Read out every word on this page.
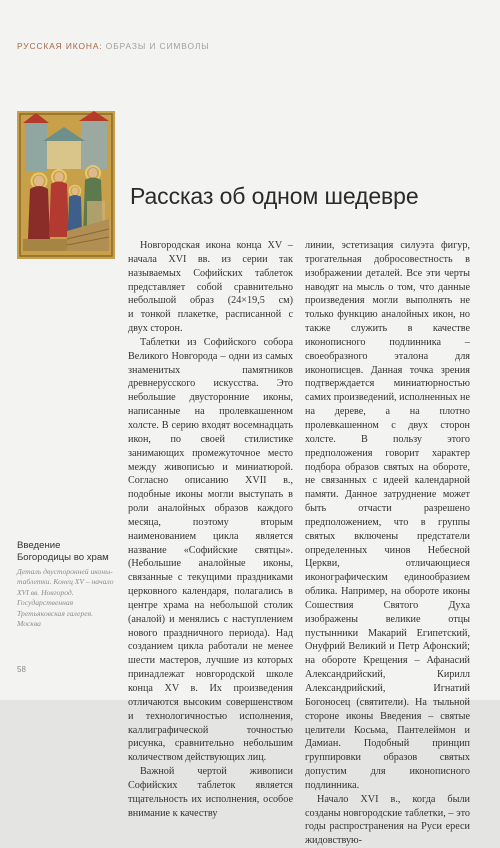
РУССКАЯ ИКОНА: ОБРАЗЫ И СИМВОЛЫ
Рассказ об одном шедевре

Новгородская икона конца XV – начала XVI вв. из серии так называемых Софийских таблеток представляет собой сравнительно небольшой образ (24×19,5 см) и тонкой плакетке, расписанной с двух сторон.

Таблетки из Софийского собора Великого Новгорода – одни из самых знаменитых памятников древнерусского искусства. Это небольшие двусторонние иконы, написанные на пролевкашенном холсте. В серию входят восемнадцать икон, по своей стилистике занимающих промежуточное место между живописью и миниатюрой. Согласно описанию XVII в., подобные иконы могли выступать в роли аналойных образов каждого месяца, поэтому вторым наименованием цикла является название «Софийские святцы». (Небольшие аналойные иконы, связанные с текущими праздниками церковного календаря, полагались в центре храма на небольшой столик (аналой) и менялись с наступлением нового праздничного периода). Над созданием цикла работали не менее шести мастеров, лучшие из которых принадлежат новгородской школе конца XV в. Их произведения отличаются высоким совершенством и технологичностью исполнения, каллиграфической точностью рисунка, сравнительно небольшим количеством действующих лиц.

Важной чертой живописи Софийских таблеток является тщательность их исполнения, особое внимание к качеству

линии, эстетизация силуэта фигур, трогательная добросовестность в изображении деталей. Все эти черты наводят на мысль о том, что данные произведения могли выполнять не только функцию аналойных икон, но также служить в качестве иконописного подлинника – своеобразного эталона для иконописцев. Данная точка зрения подтверждается миниатюрностью самих произведений, исполненных не на дереве, а на плотно пролевкашенном с двух сторон холсте. В пользу этого предположения говорит характер подбора образов святых на обороте, не связанных с идеей календарной памяти. Данное затруднение может быть отчасти разрешено предположением, что в группы святых включены предстатели определенных чинов Небесной Церкви, отличающиеся иконографическим единообразием облика. Например, на обороте иконы Сошествия Святого Духа изображены великие отцы пустынники Макарий Египетский, Онуфрий Великий и Петр Афонский; на обороте Крещения – Афанасий Александрийский, Кирилл Александрийский, Игнатий Богоносец (святители). На тыльной стороне иконы Введения – святые целители Косьма, Пантелеймон и Дамиан. Подобный принцип группировки образов святых допустим для иконописного подлинника.

Начало XVI в., когда были созданы новгородские таблетки, – это годы распространения на Руси ереси жидовствую-

Введение Богородицы во храм
Деталь двусторонней иконы-таблетки. Конец XV – начало XVI вв. Новгород. Государственная Третьяковская галерея. Москва
58
